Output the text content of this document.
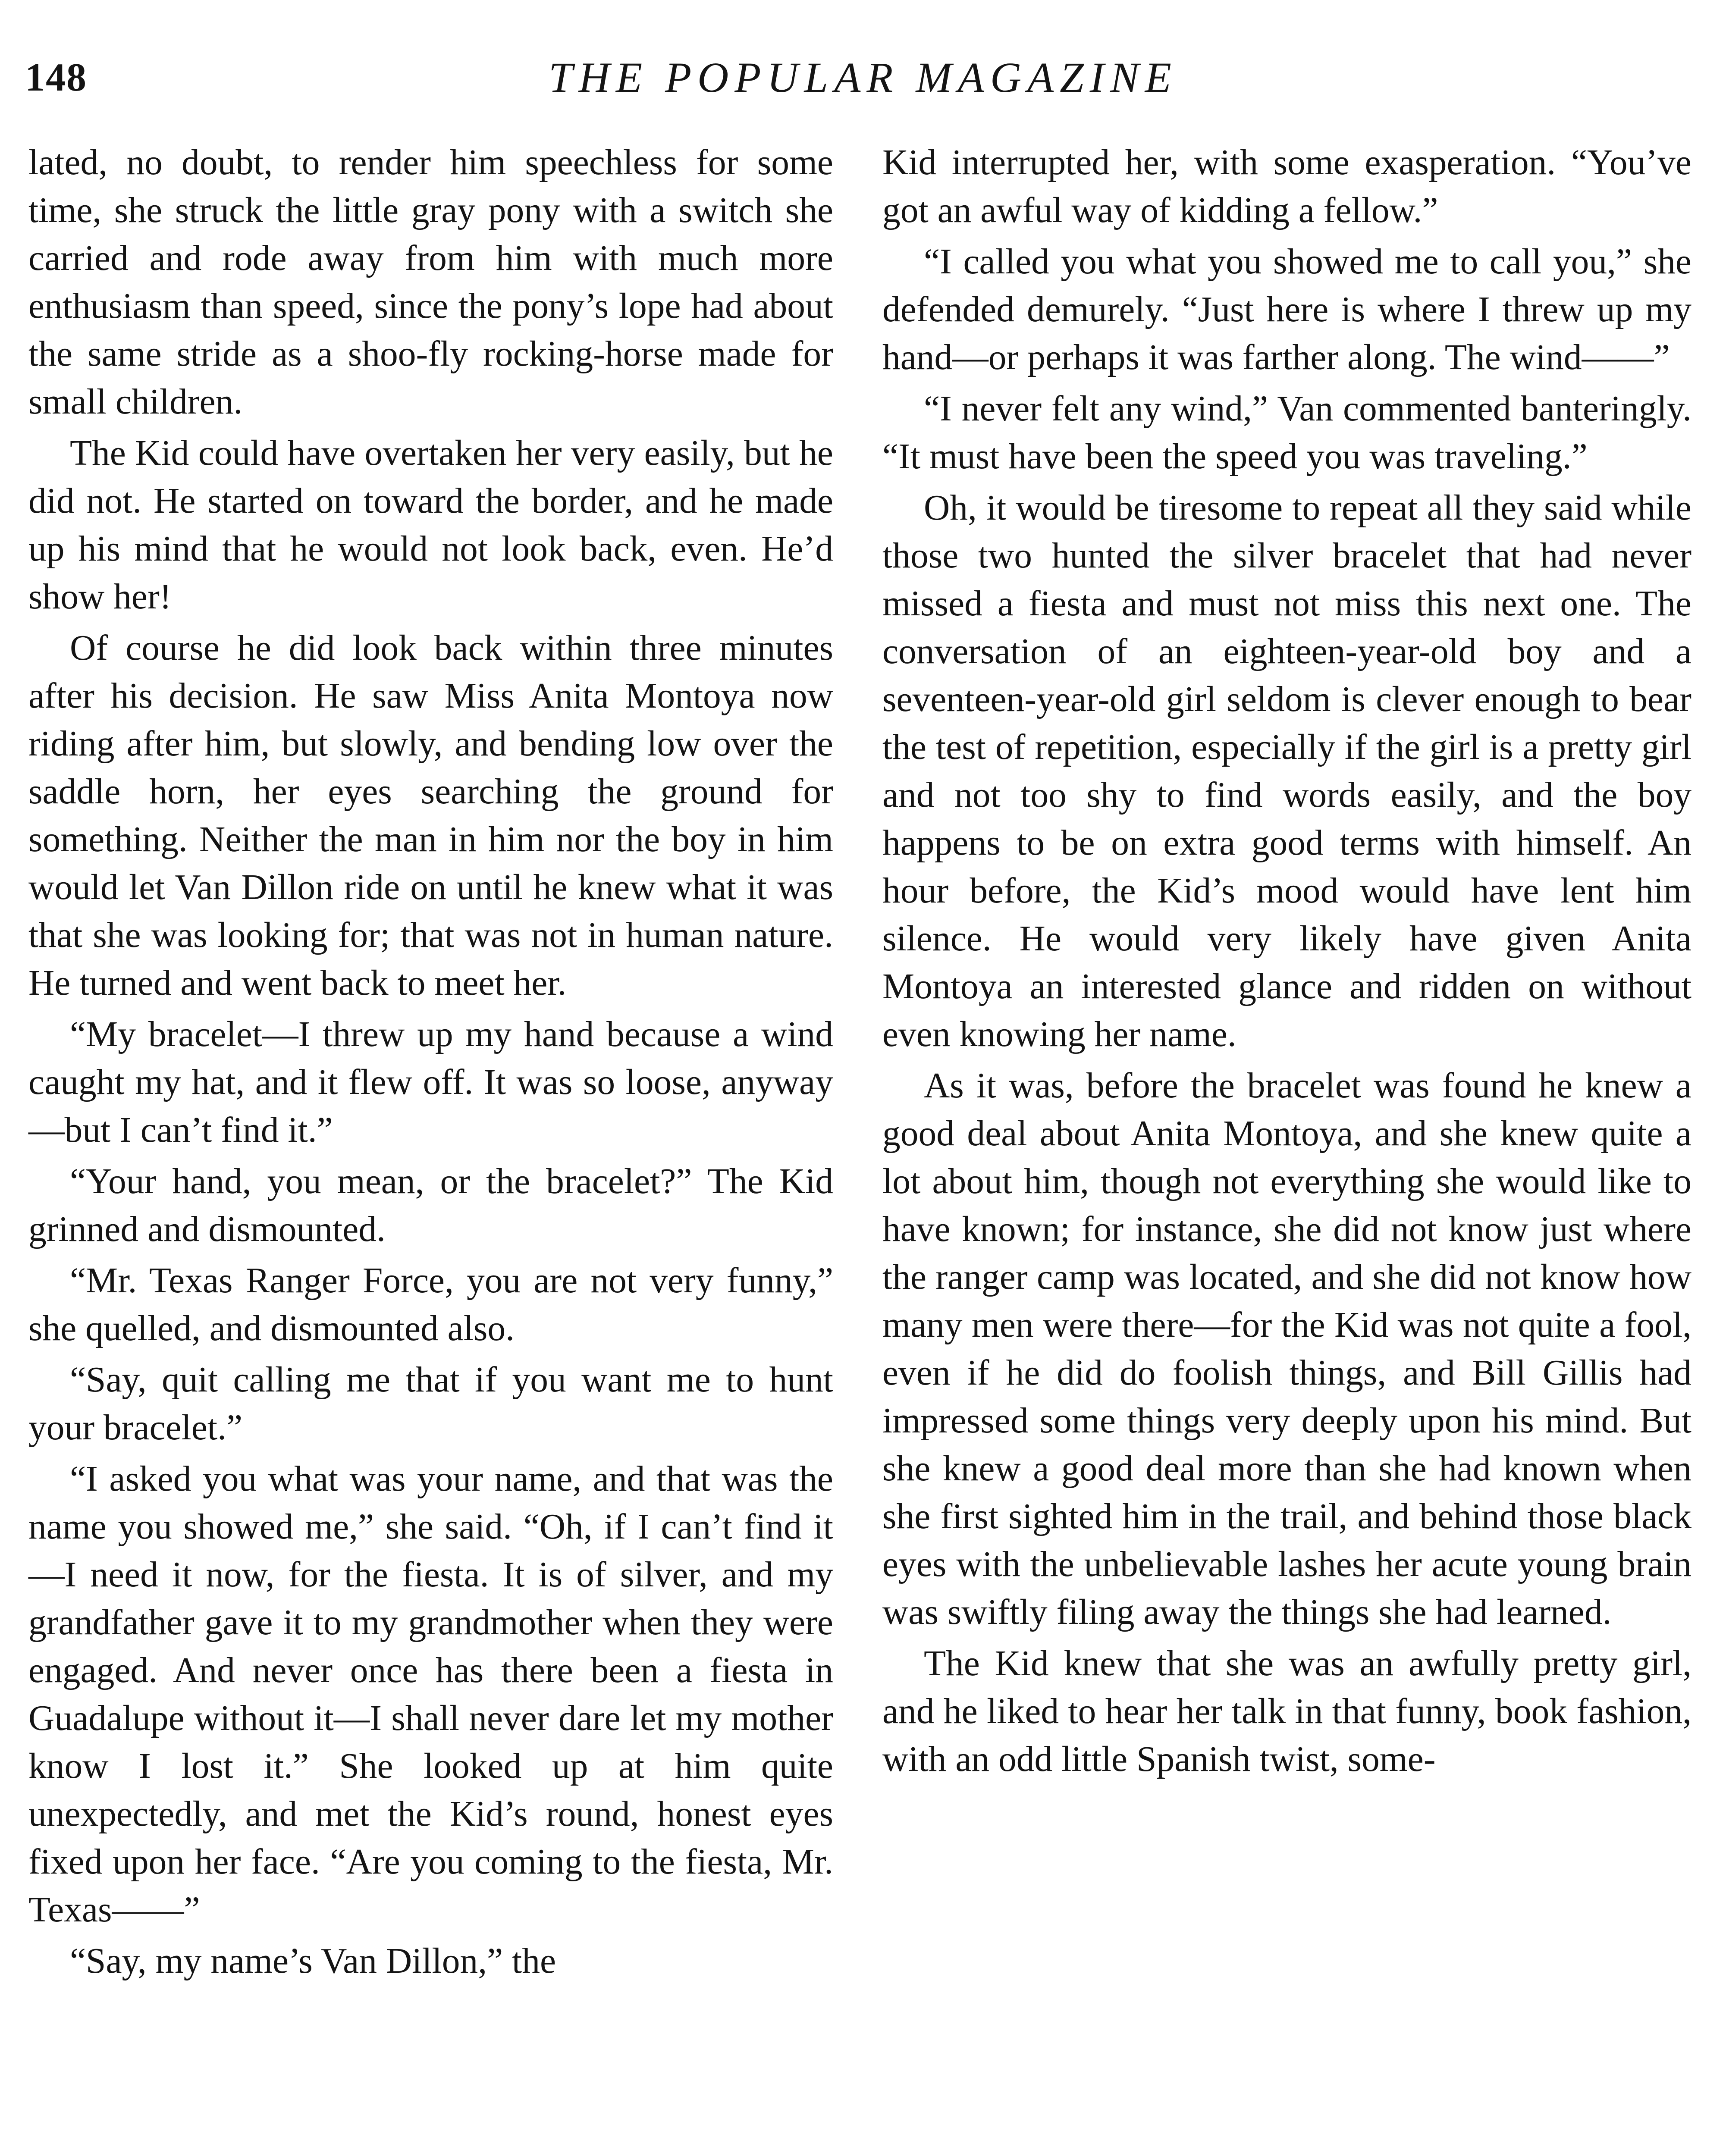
148	THE POPULAR MAGAZINE

lated, no doubt, to render him speechless for some time, she struck the little gray pony with a switch she carried and rode away from him with much more enthusiasm than speed, since the pony’s lope had about the same stride as a shoo-fly rocking-horse made for small children.

The Kid could have overtaken her very easily, but he did not. He started on toward the border, and he made up his mind that he would not look back, even. He’d show her!

Of course he did look back within three minutes after his decision. He saw Miss Anita Montoya now riding after him, but slowly, and bending low over the saddle horn, her eyes searching the ground for something. Neither the man in him nor the boy in him would let Van Dillon ride on until he knew what it was that she was looking for; that was not in human nature. He turned and went back to meet her.

“My bracelet—I threw up my hand because a wind caught my hat, and it flew off. It was so loose, anyway—but I can’t find it.”

“Your hand, you mean, or the bracelet?” The Kid grinned and dismounted.

“Mr. Texas Ranger Force, you are not very funny,” she quelled, and dismounted also.

“Say, quit calling me that if you want me to hunt your bracelet.”

“I asked you what was your name, and that was the name you showed me,” she said. “Oh, if I can’t find it—I need it now, for the fiesta. It is of silver, and my grandfather gave it to my grandmother when they were engaged. And never once has there been a fiesta in Guadalupe without it—I shall never dare let my mother know I lost it.” She looked up at him quite unexpectedly, and met the Kid’s round, honest eyes fixed upon her face. “Are you coming to the fiesta, Mr. Texas——”

“Say, my name’s Van Dillon,” the

Kid interrupted her, with some exasperation. “You’ve got an awful way of kidding a fellow.”

“I called you what you showed me to call you,” she defended demurely. “Just here is where I threw up my hand—or perhaps it was farther along. The wind——”

“I never felt any wind,” Van commented banteringly. “It must have been the speed you was traveling.”

Oh, it would be tiresome to repeat all they said while those two hunted the silver bracelet that had never missed a fiesta and must not miss this next one. The conversation of an eighteen-year-old boy and a seventeen-year-old girl seldom is clever enough to bear the test of repetition, especially if the girl is a pretty girl and not too shy to find words easily, and the boy happens to be on extra good terms with himself. An hour before, the Kid’s mood would have lent him silence. He would very likely have given Anita Montoya an interested glance and ridden on without even knowing her name.

As it was, before the bracelet was found he knew a good deal about Anita Montoya, and she knew quite a lot about him, though not everything she would like to have known; for instance, she did not know just where the ranger camp was located, and she did not know how many men were there—for the Kid was not quite a fool, even if he did do foolish things, and Bill Gillis had impressed some things very deeply upon his mind. But she knew a good deal more than she had known when she first sighted him in the trail, and behind those black eyes with the unbelievable lashes her acute young brain was swiftly filing away the things she had learned.

The Kid knew that she was an awfully pretty girl, and he liked to hear her talk in that funny, book fashion, with an odd little Spanish twist, some-
